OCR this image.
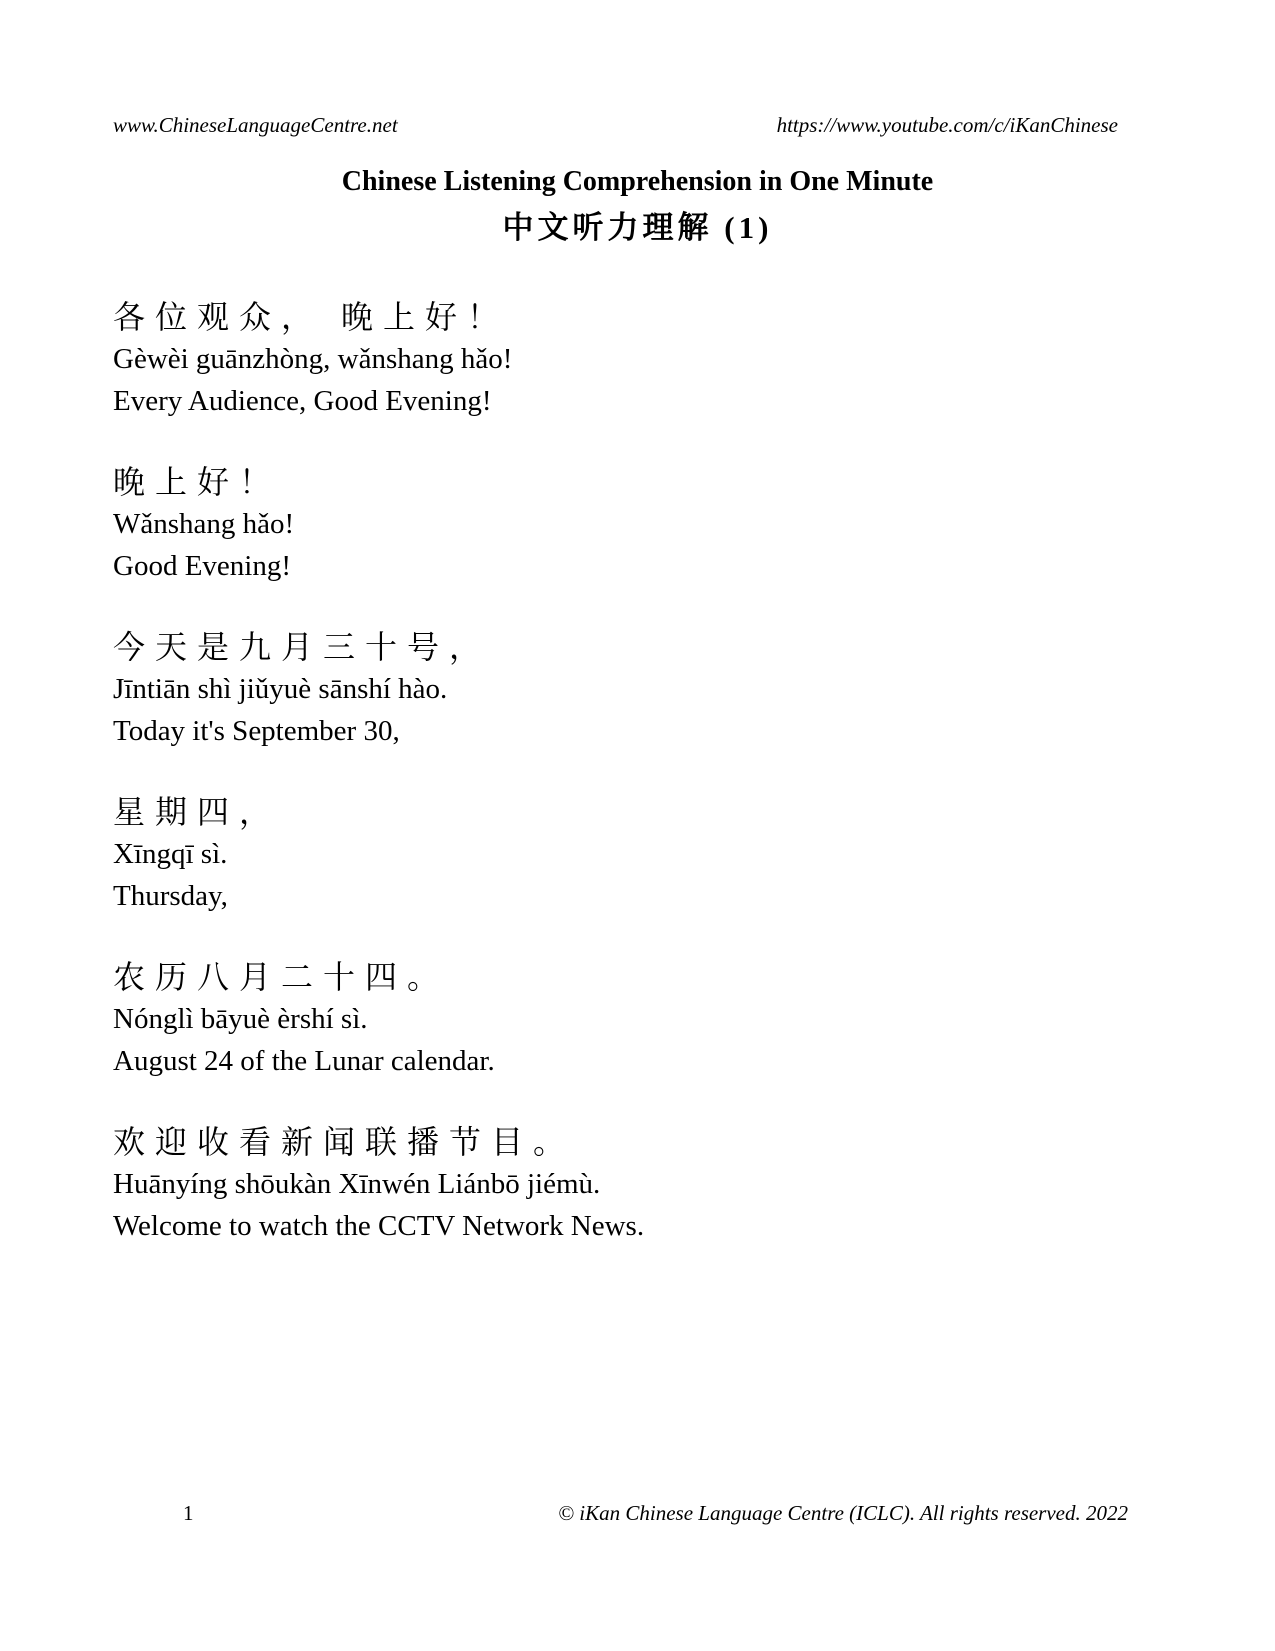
www.ChineseLanguageCentre.net	https://www.youtube.com/c/iKanChinese
Chinese Listening Comprehension in One Minute
中文听力理解 (1)

各位观众， 晚上好！

Gèwèi guānzhòng, wǎnshang hǎo!

Every Audience, Good Evening!

晚上好！

Wǎnshang hǎo!

Good Evening!

今天是九月三十号，

Jīntiān shì jiǔyuè sānshí hào.

Today it's September 30,

星期四，

Xīngqī sì.

Thursday,

农历八月二十四。

Nónglì bāyuè èrshí sì.

August 24 of the Lunar calendar.

欢迎收看新闻联播节目。

Huānyíng shōukàn Xīnwén Liánbō jiémù.

Welcome to watch the CCTV Network News.

1	© iKan Chinese Language Centre (ICLC). All rights reserved. 2022
